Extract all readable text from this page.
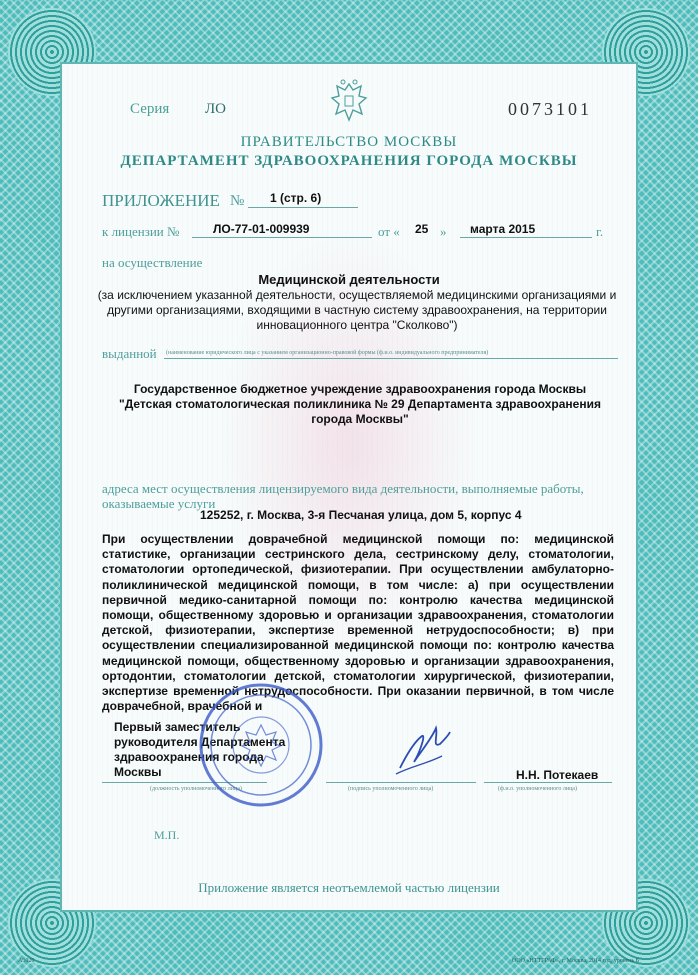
Серия ЛО	0073101
ПРАВИТЕЛЬСТВО МОСКВЫ
ДЕПАРТАМЕНТ ЗДРАВООХРАНЕНИЯ ГОРОДА МОСКВЫ
ПРИЛОЖЕНИЕ № 1 (стр. 6)
к лицензии №	ЛО-77-01-009939	от « 25 » марта 2015	г.
на осуществление
Медицинской деятельности
(за исключением указанной деятельности, осуществляемой медицинскими организациями и другими организациями, входящими в частную систему здравоохранения, на территории инновационного центра "Сколково")
выданной (наименование юридического лица с указанием организационно-правовой формы (ф.и.о. индивидуального предпринимателя)
Государственное бюджетное учреждение здравоохранения города Москвы "Детская стоматологическая поликлиника № 29 Департамента здравоохранения города Москвы"
адреса мест осуществления лицензируемого вида деятельности, выполняемые работы, оказываемые услуги
125252, г. Москва, 3-я Песчаная улица, дом 5, корпус 4
При осуществлении доврачебной медицинской помощи по: медицинской статистике, организации сестринского дела, сестринскому делу, стоматологии, стоматологии ортопедической, физиотерапии. При осуществлении амбулаторно-поликлинической медицинской помощи, в том числе: а) при осуществлении первичной медико-санитарной помощи по: контролю качества медицинской помощи, общественному здоровью и организации здравоохранения, стоматологии детской, физиотерапии, экспертизе временной нетрудоспособности; в) при осуществлении специализированной медицинской помощи по: контролю качества медицинской помощи, общественному здоровью и организации здравоохранения, ортодонтии, стоматологии детской, стоматологии хирургической, физиотерапии, экспертизе временной нетрудоспособности. При оказании первичной, в том числе доврачебной, врачебной и
Первый заместитель руководителя Департамента здравоохранения города Москвы	Н.Н. Потекаев
(должность уполномоченного лица)	(подпись уполномоченного лица)	(ф.и.о. уполномоченного лица)
М.П.
Приложение является неотъемлемой частью лицензии
A3026	ООО «НТТГРАФ», г. Москва, 2014 год, уровень Б
